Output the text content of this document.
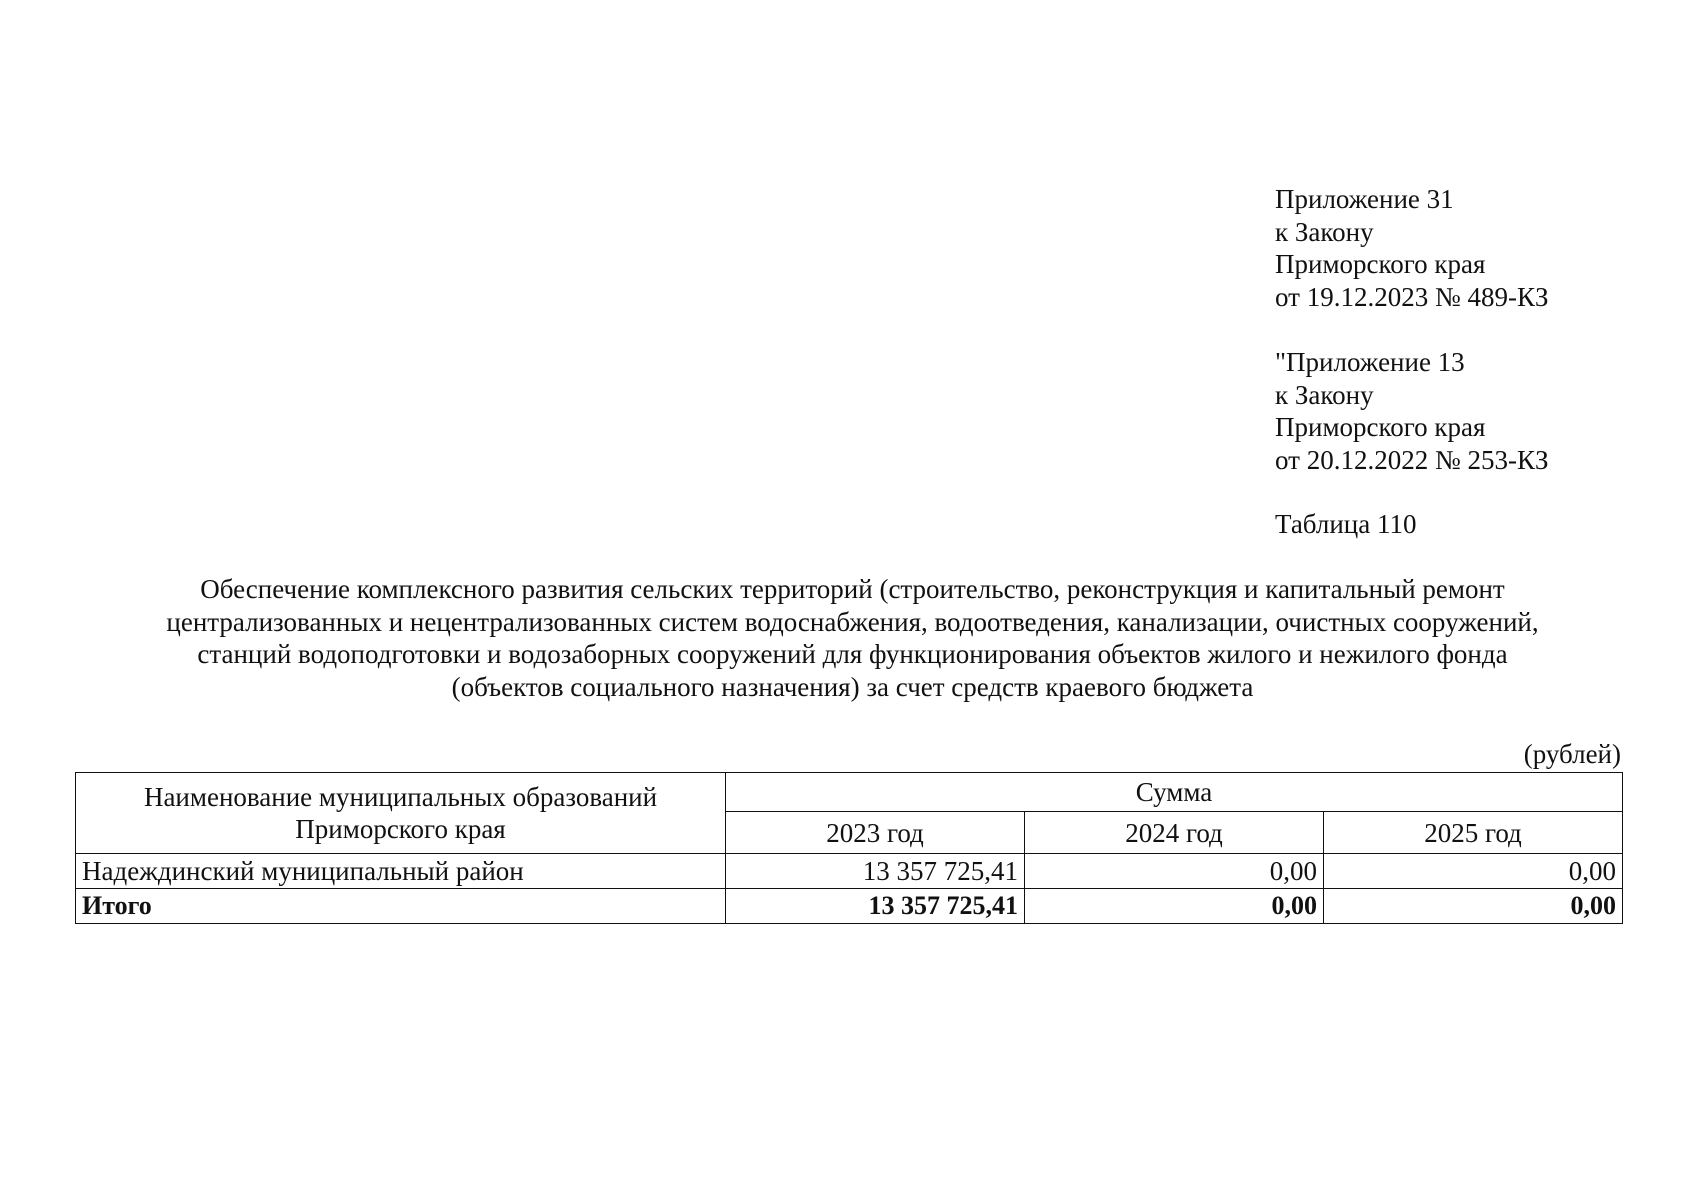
Приложение 31
к Закону
Приморского края
от 19.12.2023 № 489-КЗ
"Приложение 13
к Закону
Приморского края
от 20.12.2022 № 253-КЗ
Таблица 110
Обеспечение комплексного развития сельских территорий (строительство, реконструкция и капитальный ремонт
централизованных и нецентрализованных систем водоснабжения, водоотведения, канализации, очистных сооружений,
станций водоподготовки и водозаборных сооружений для функционирования объектов жилого и нежилого фонда
(объектов социального назначения) за счет средств краевого бюджета
(рублей)
Наименование муниципальных образований
Приморского края	Сумма		
	2023 год	2024 год	2025 год
Надеждинский муниципальный район	13 357 725,41	0,00	0,00
Итого	13 357 725,41	0,00	0,00
